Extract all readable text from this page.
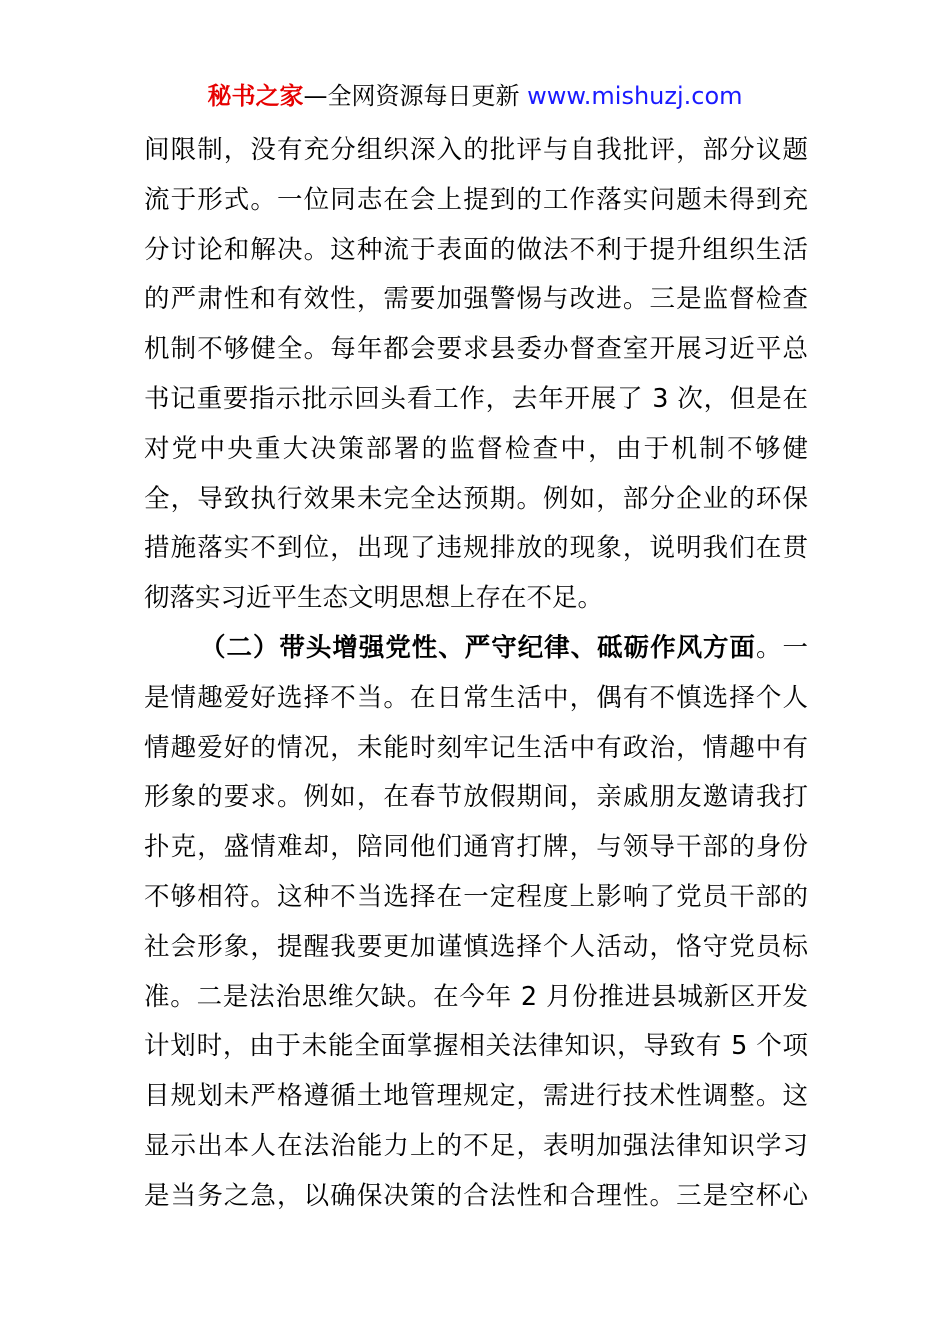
秘书之家—全网资源每日更新 www.mishuzj.com
间限制，没有充分组织深入的批评与自我批评，部分议题
流于形式。一位同志在会上提到的工作落实问题未得到充
分讨论和解决。这种流于表面的做法不利于提升组织生活
的严肃性和有效性，需要加强警惕与改进。三是监督检查
机制不够健全。每年都会要求县委办督查室开展习近平总
书记重要指示批示回头看工作，去年开展了 3 次，但是在
对党中央重大决策部署的监督检查中，由于机制不够健
全，导致执行效果未完全达预期。例如，部分企业的环保
措施落实不到位，出现了违规排放的现象，说明我们在贯
彻落实习近平生态文明思想上存在不足。
（二）带头增强党性、严守纪律、砥砺作风方面。一
是情趣爱好选择不当。在日常生活中，偶有不慎选择个人
情趣爱好的情况，未能时刻牢记生活中有政治，情趣中有
形象的要求。例如，在春节放假期间，亲戚朋友邀请我打
扑克，盛情难却，陪同他们通宵打牌，与领导干部的身份
不够相符。这种不当选择在一定程度上影响了党员干部的
社会形象，提醒我要更加谨慎选择个人活动，恪守党员标
准。二是法治思维欠缺。在今年 2 月份推进县城新区开发
计划时，由于未能全面掌握相关法律知识，导致有 5 个项
目规划未严格遵循土地管理规定，需进行技术性调整。这
显示出本人在法治能力上的不足，表明加强法律知识学习
是当务之急，以确保决策的合法性和合理性。三是空杯心
